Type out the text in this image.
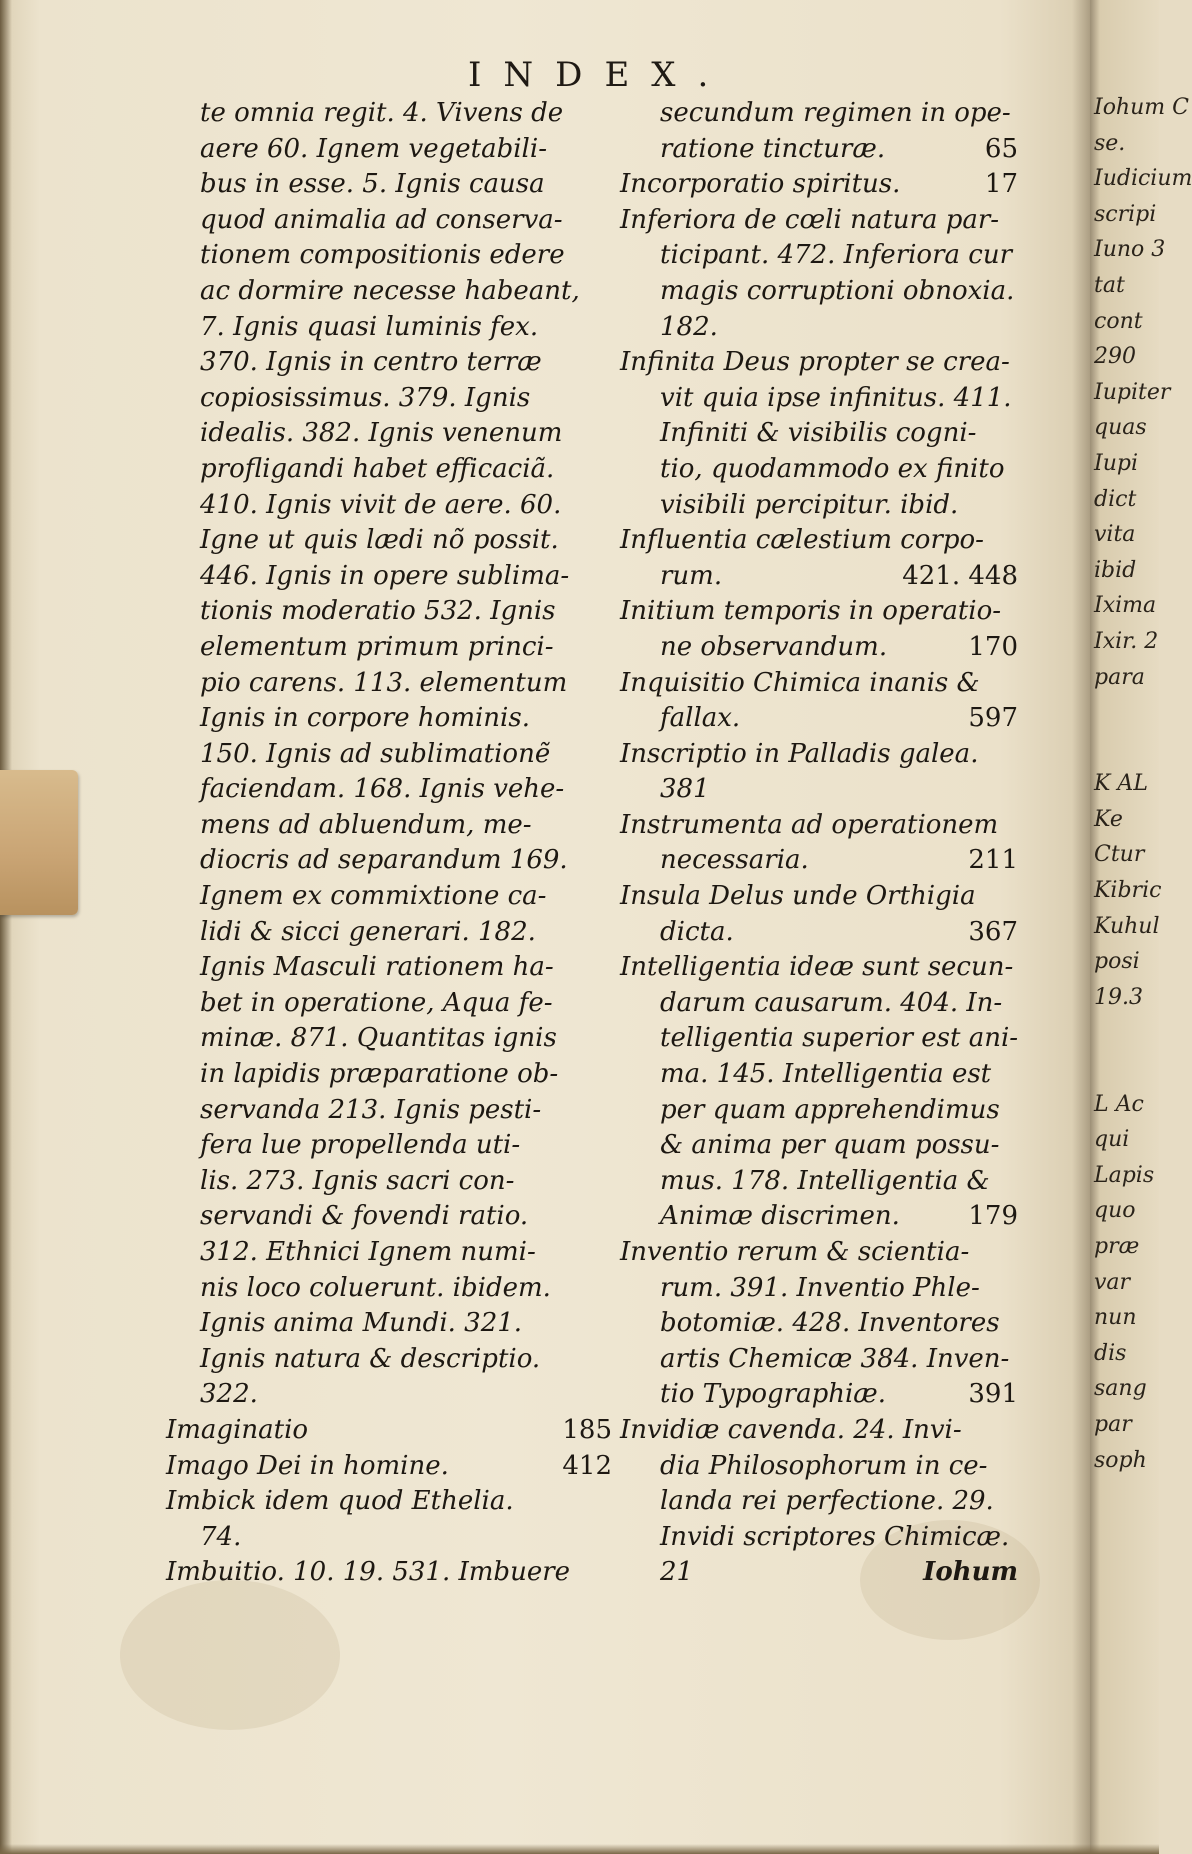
INDEX.
te omnia regit. 4. Vivens de
aere 60. Ignem vegetabili-
bus in esse. 5. Ignis causa
quod animalia ad conserva-
tionem compositionis edere
ac dormire necesse habeant,
7. Ignis quasi luminis fex.
370. Ignis in centro terræ
copiosissimus. 379. Ignis
idealis. 382. Ignis venenum
profligandi habet efficaciã.
410. Ignis vivit de aere. 60.
Igne ut quis lædi nõ possit.
446. Ignis in opere sublima-
tionis moderatio 532. Ignis
elementum primum princi-
pio carens. 113. elementum
Ignis in corpore hominis.
150. Ignis ad sublimationẽ
faciendam. 168. Ignis vehe-
mens ad abluendum, me-
diocris ad separandum 169.
Ignem ex commixtione ca-
lidi & sicci generari. 182.
Ignis Masculi rationem ha-
bet in operatione, Aqua fe-
minæ. 871. Quantitas ignis
in lapidis præparatione ob-
servanda 213. Ignis pesti-
fera lue propellenda uti-
lis. 273. Ignis sacri con-
servandi & fovendi ratio.
312. Ethnici Ignem numi-
nis loco coluerunt. ibidem.
Ignis anima Mundi. 321.
Ignis natura & descriptio.
322.
Imaginatio	185
Imago Dei in homine.	412
Imbick idem quod Ethelia.
74.
Imbuitio. 10. 19. 531. Imbuere
secundum regimen in ope-
ratione tincturæ.	65
Incorporatio spiritus.	17
Inferiora de cœli natura par-
ticipant. 472. Inferiora cur
magis corruptioni obnoxia.
182.
Infinita Deus propter se crea-
vit quia ipse infinitus. 411.
Infiniti & visibilis cogni-
tio, quodammodo ex finito
visibili percipitur. ibid.
Influentia cælestium corpo-
rum.	421. 448
Initium temporis in operatio-
ne observandum.	170
Inquisitio Chimica inanis &
fallax.	597
Inscriptio in Palladis galea.
381
Instrumenta ad operationem
necessaria.	211
Insula Delus unde Orthigia
dicta.	367
Intelligentia ideæ sunt secun-
darum causarum. 404. In-
telligentia superior est ani-
ma. 145. Intelligentia est
per quam apprehendimus
& anima per quam possu-
mus. 178. Intelligentia &
Animæ discrimen.	179
Inventio rerum & scientia-
rum. 391. Inventio Phle-
botomiæ. 428. Inventores
artis Chemicæ 384. Inven-
tio Typographiæ.	391
Invidiæ cavenda. 24. Invi-
dia Philosophorum in ce-
landa rei perfectione. 29.
Invidi scriptores Chimicæ.
21	Iohum
Iohum C
se.
Iudicium
scripi
Iuno 3
tat
cont
290
Iupiter
quas
Iupi
dict
vita
ibid
Ixima
Ixir. 2
para
K AL
Ke
Ctur
Kibric
Kuhul
posi
19.3
L Ac
qui
Lapis
quo
præ
var
nun
dis
sang
par
soph
